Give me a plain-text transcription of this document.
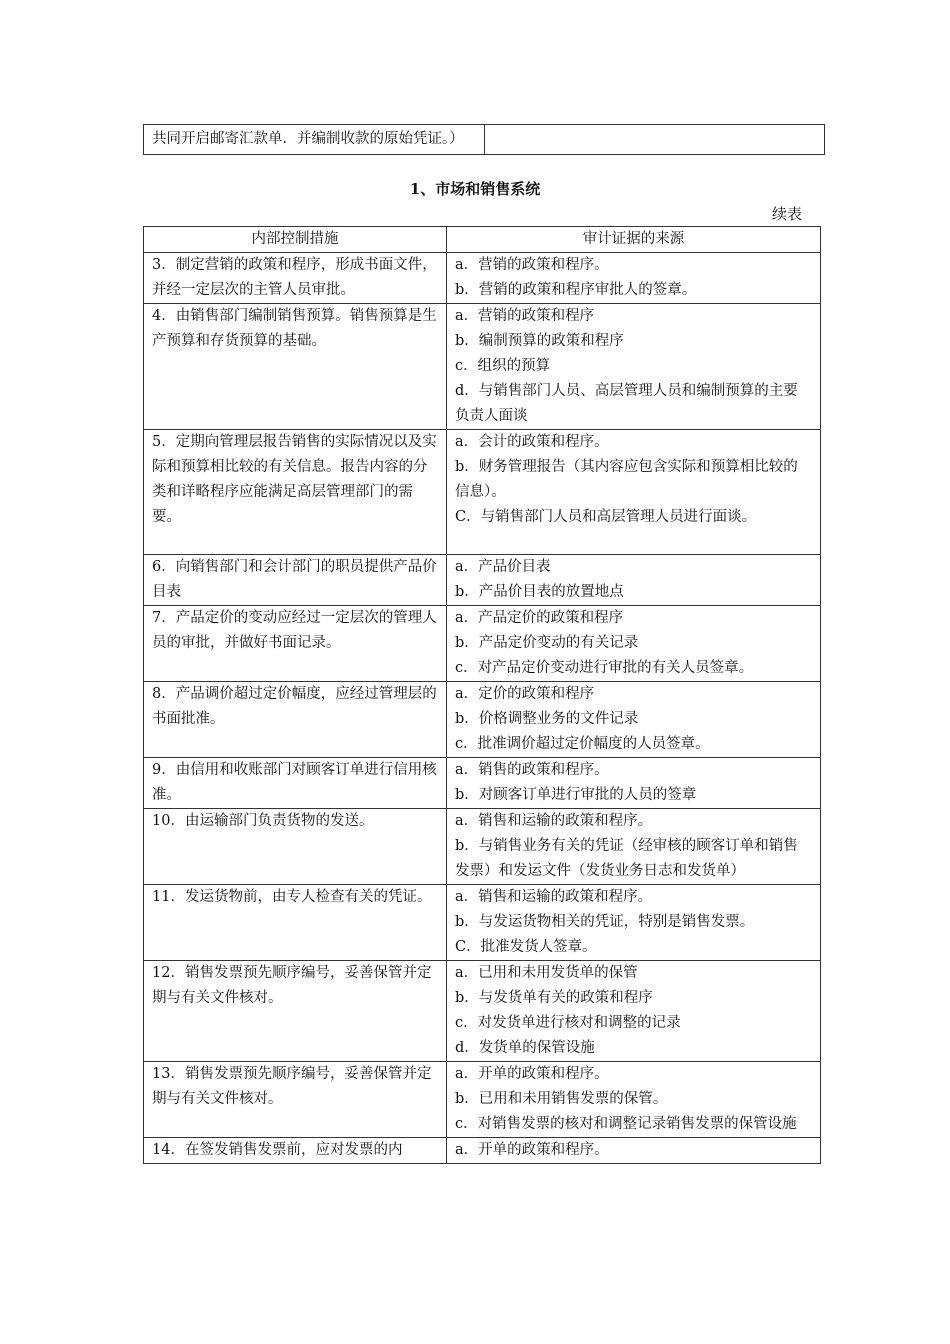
共同开启邮寄汇款单．并编制收款的原始凭证。）	
1、市场和销售系统
续表
内部控制措施	审计证据的来源
3．制定营销的政策和程序，形成书面文件，并经一定层次的主管人员审批。	a．营销的政策和程序。
b．营销的政策和程序审批人的签章。

4．由销售部门编制销售预算。销售预算是生产预算和存货预算的基础。	a．营销的政策和程序
b．编制预算的政策和程序
c．组织的预算
d．与销售部门人员、高层管理人员和编制预算的主要负责人面谈

5．定期向管理层报告销售的实际情况以及实际和预算相比较的有关信息。报告内容的分类和详略程序应能满足高层管理部门的需要。	a．会计的政策和程序。
b．财务管理报告（其内容应包含实际和预算相比较的信息）。
C．与销售部门人员和高层管理人员进行面谈。

6．向销售部门和会计部门的职员提供产品价目表	a．产品价目表
b．产品价目表的放置地点

7．产品定价的变动应经过一定层次的管理人员的审批，并做好书面记录。	a．产品定价的政策和程序
b．产品定价变动的有关记录
c．对产品定价变动进行审批的有关人员签章。

8．产品调价超过定价幅度，应经过管理层的书面批准。	a．定价的政策和程序
b．价格调整业务的文件记录
c．批准调价超过定价幅度的人员签章。

9．由信用和收账部门对顾客订单进行信用核准。	a．销售的政策和程序。
b．对顾客订单进行审批的人员的签章

10．由运输部门负责货物的发送。	a．销售和运输的政策和程序。
b．与销售业务有关的凭证（经审核的顾客订单和销售发票）和发运文件（发货业务日志和发货单）

11．发运货物前，由专人检查有关的凭证。	a．销售和运输的政策和程序。
b．与发运货物相关的凭证，特别是销售发票。
C．批准发货人签章。

12．销售发票预先顺序编号，妥善保管并定期与有关文件核对。	a．已用和未用发货单的保管
b．与发货单有关的政策和程序
c．对发货单进行核对和调整的记录
d．发货单的保管设施

13．销售发票预先顺序编号，妥善保管并定期与有关文件核对。	a．开单的政策和程序。
b．已用和未用销售发票的保管。
c．对销售发票的核对和调整记录销售发票的保管设施

14．在签发销售发票前，应对发票的内	a．开单的政策和程序。
